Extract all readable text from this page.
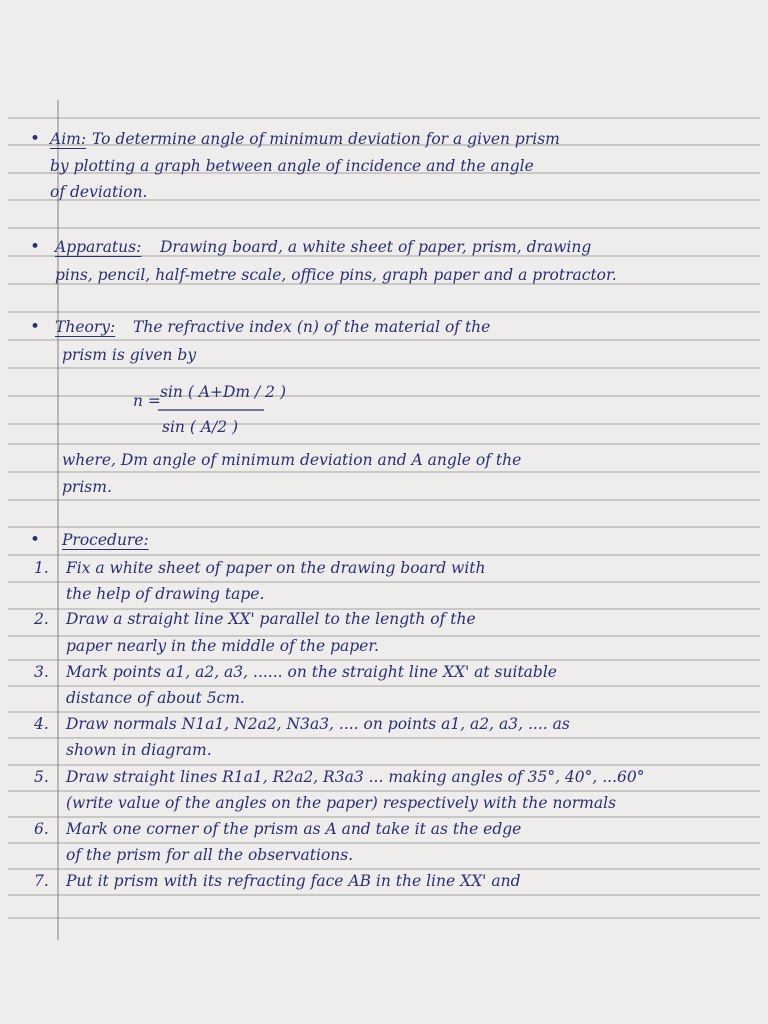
• Aim: To determine angle of minimum deviation for a given prism
by plotting a graph between angle of incidence and the angle
of deviation.
• Apparatus: Drawing board, a white sheet of paper, prism, drawing
pins, pencil, half-metre scale, office pins, graph paper and a protractor.
• Theory: The refractive index (n) of the material of the
prism is given by
n = sin ( A+Dm / 2 )
sin ( A/2 )
where, Dm angle of minimum deviation and A angle of the
prism.
• Procedure:
1. Fix a white sheet of paper on the drawing board with
the help of drawing tape.
2. Draw a straight line XX' parallel to the length of the
paper nearly in the middle of the paper.
3. Mark points a1, a2, a3, ...... on the straight line XX' at suitable
distance of about 5cm.
4. Draw normals N1a1, N2a2, N3a3, .... on points a1, a2, a3, .... as
shown in diagram.
5. Draw straight lines R1a1, R2a2, R3a3 ... making angles of 35°, 40°, ...60°
(write value of the angles on the paper) respectively with the normals
6. Mark one corner of the prism as A and take it as the edge
of the prism for all the observations.
7. Put it prism with its refracting face AB in the line XX' and
